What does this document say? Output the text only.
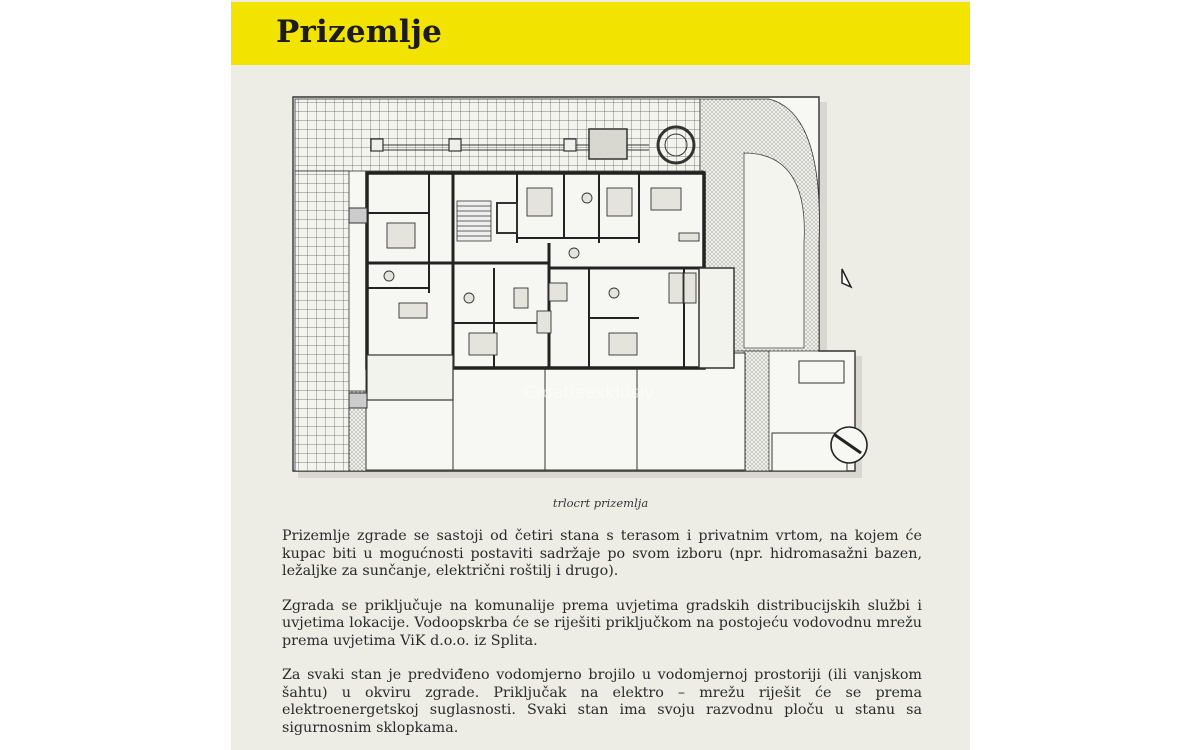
Prizemlje
Croatiaexklusiv
trlocrt prizemlja

Prizemlje zgrade se sastoji od četiri stana s terasom i privatnim vrtom, na kojem će kupac biti u mogućnosti postaviti sadržaje po svom izboru (npr. hidromasažni bazen, ležaljke za sunčanje, električni roštilj i drugo).

Zgrada se priključuje na komunalije prema uvjetima gradskih distribucijskih službi i uvjetima lokacije. Vodoopskrba će se riješiti priključkom na postojeću vodovodnu mrežu prema uvjetima ViK d.o.o. iz Splita.

Za svaki stan je predviđeno vodomjerno brojilo u vodomjernoj prostoriji (ili vanjskom šahtu) u okviru zgrade. Priključak na elektro – mrežu riješit će se prema elektroenergetskoj suglasnosti. Svaki stan ima svoju razvodnu ploču u stanu sa sigurnosnim sklopkama.
